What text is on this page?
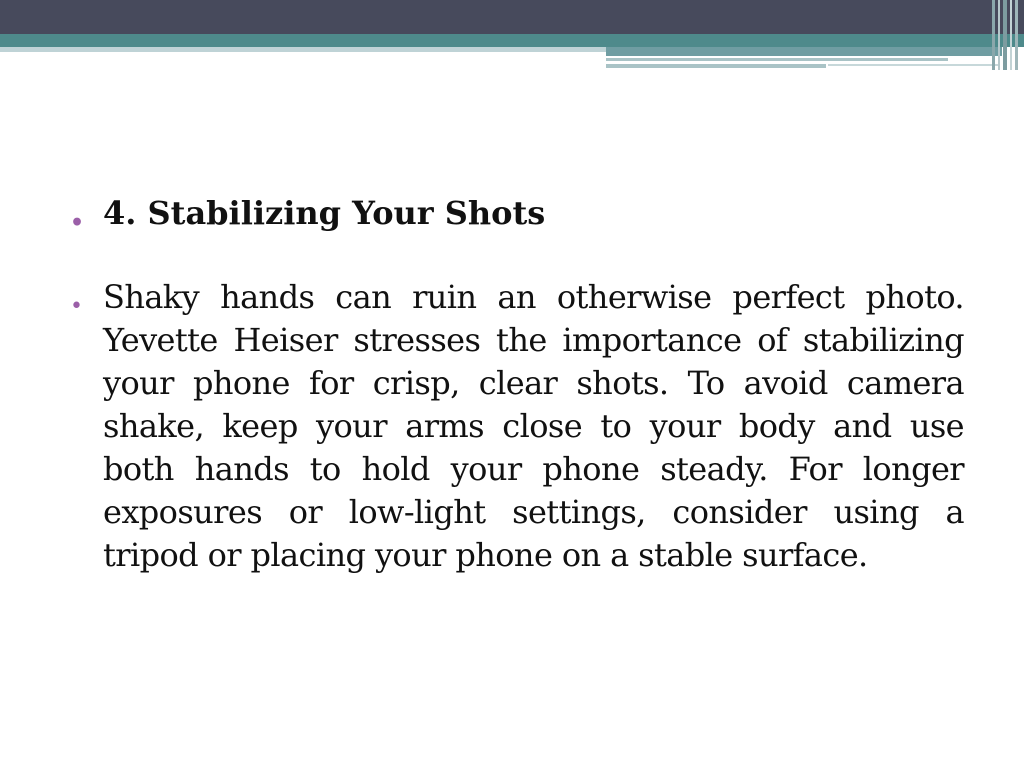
• 4. Stabilizing Your Shots
• Shaky hands can ruin an otherwise perfect photo. Yevette Heiser stresses the importance of stabilizing your phone for crisp, clear shots. To avoid camera shake, keep your arms close to your body and use both hands to hold your phone steady. For longer exposures or low-light settings, consider using a tripod or placing your phone on a stable surface.
